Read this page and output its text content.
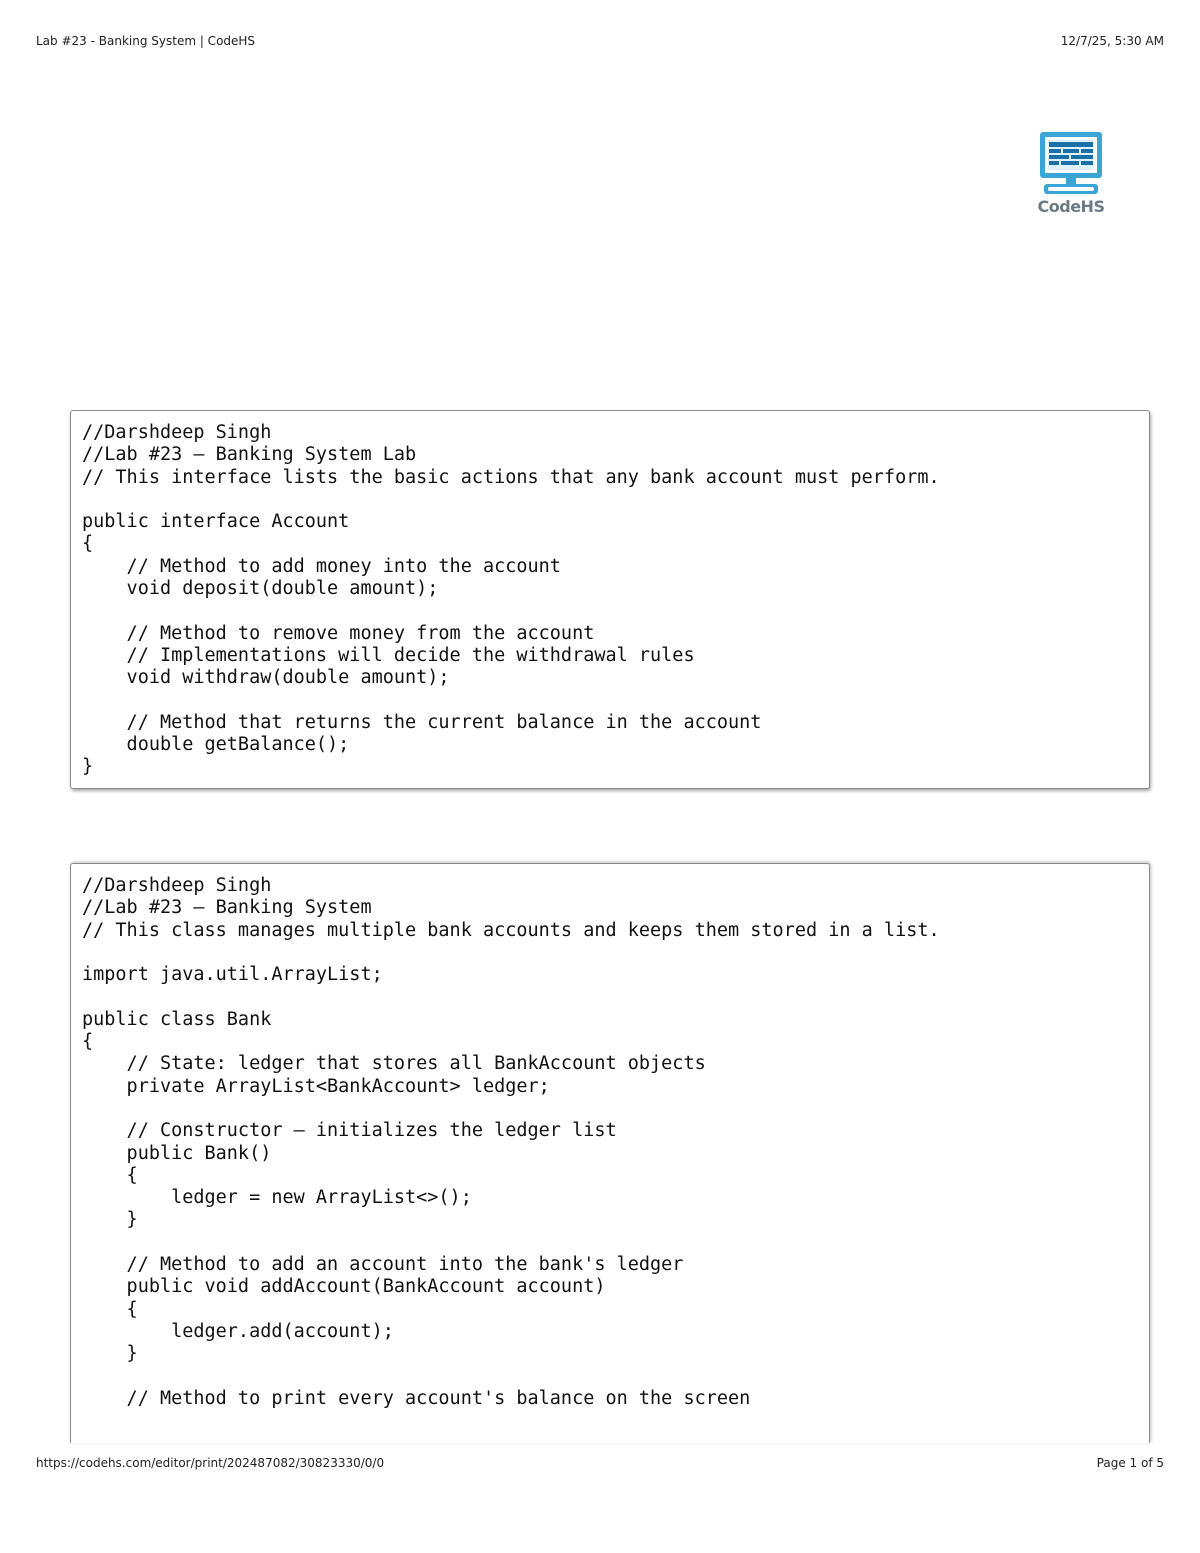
Lab #23 - Banking System | CodeHS	12/7/25, 5:30 AM
CodeHS
//Darshdeep Singh
//Lab #23 – Banking System Lab
// This interface lists the basic actions that any bank account must perform.

public interface Account
{
// Method to add money into the account
void deposit(double amount);

// Method to remove money from the account
// Implementations will decide the withdrawal rules
void withdraw(double amount);

// Method that returns the current balance in the account
double getBalance();
}
//Darshdeep Singh
//Lab #23 – Banking System
// This class manages multiple bank accounts and keeps them stored in a list.

import java.util.ArrayList;

public class Bank
{
// State: ledger that stores all BankAccount objects
private ArrayList<BankAccount> ledger;

// Constructor – initializes the ledger list
public Bank()
{
ledger = new ArrayList<>();
}

// Method to add an account into the bank's ledger
public void addAccount(BankAccount account)
{
ledger.add(account);
}

// Method to print every account's balance on the screen
https://codehs.com/editor/print/202487082/30823330/0/0	Page 1 of 5
